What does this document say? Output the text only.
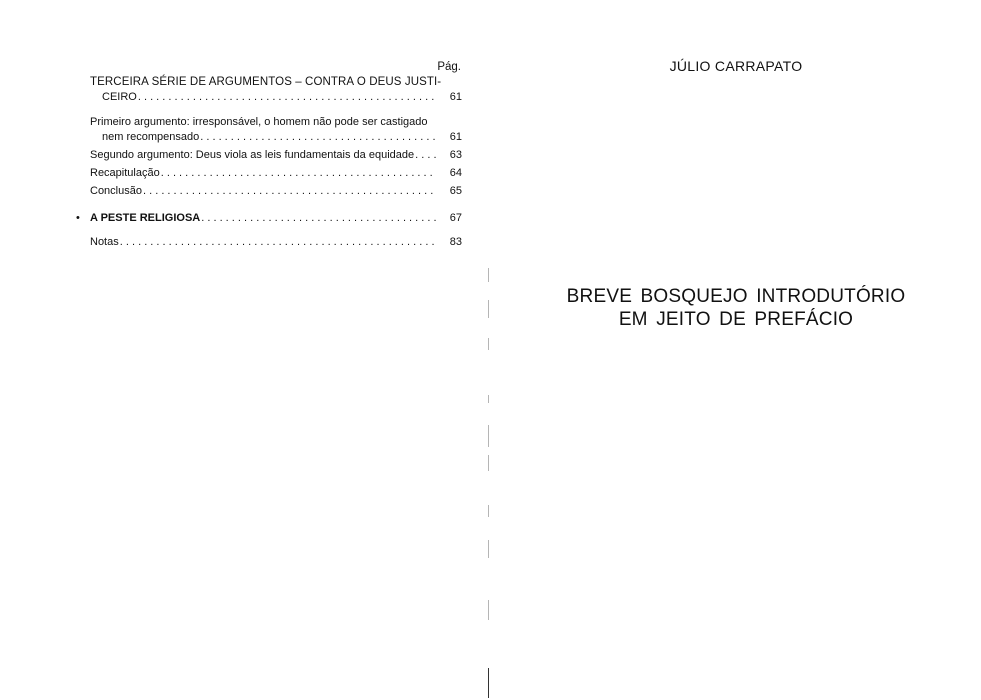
Pág.
TERCEIRA SÉRIE DE ARGUMENTOS – CONTRA O DEUS JUSTI-
CEIRO . . .	61
Primeiro argumento: irresponsável, o homem não pode ser castigado
nem recompensado . . .	61
Segundo argumento: Deus viola as leis fundamentais da equidade . . .	63
Recapitulação . . .	64
Conclusão . . .	65
• A PESTE RELIGIOSA . . .	67
Notas . . .	83
JÚLIO CARRAPATO
BREVE BOSQUEJO INTRODUTÓRIO
EM JEITO DE PREFÁCIO
